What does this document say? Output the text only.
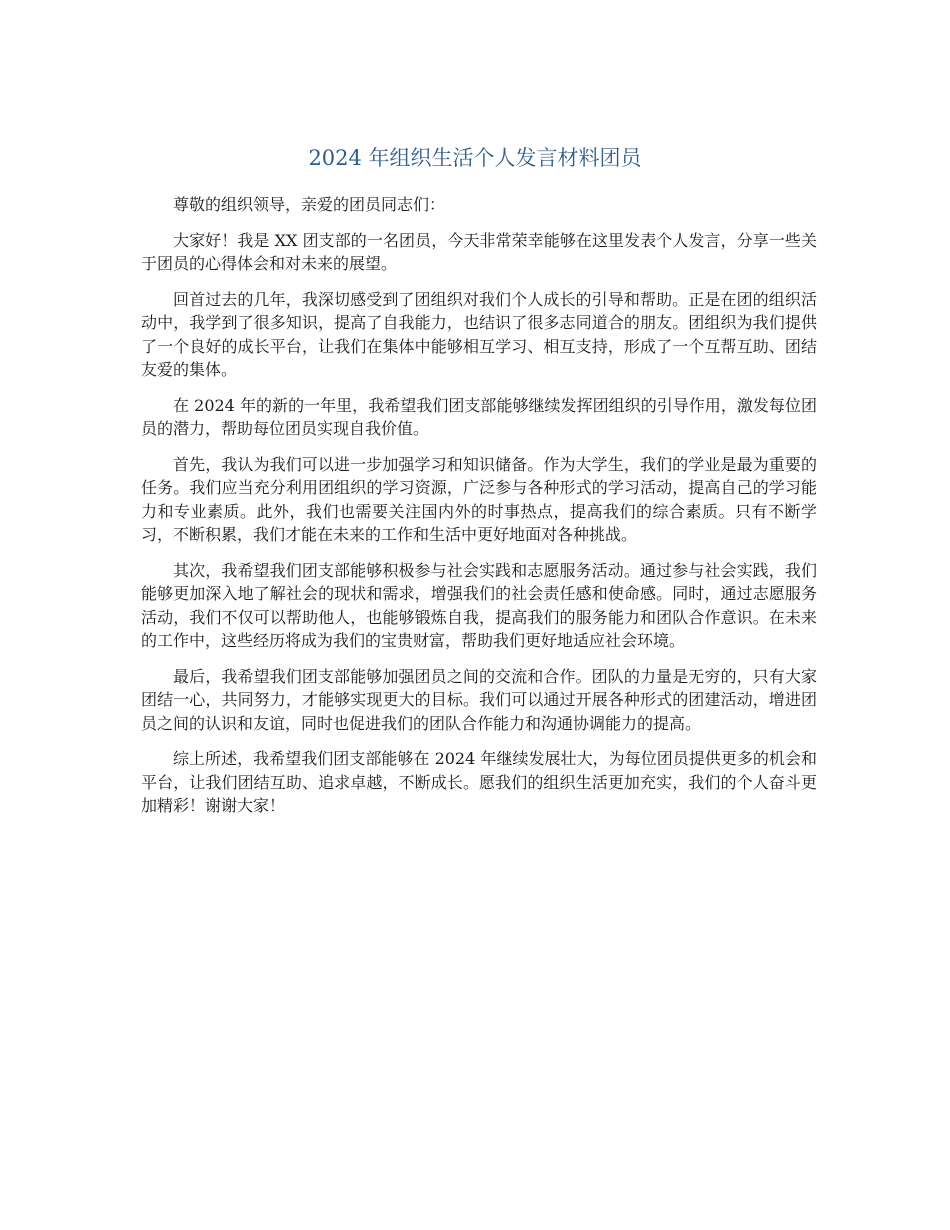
2024 年组织生活个人发言材料团员

尊敬的组织领导，亲爱的团员同志们：

大家好！我是 XX 团支部的一名团员，今天非常荣幸能够在这里发表个人发言，分享一些关于团员的心得体会和对未来的展望。

回首过去的几年，我深切感受到了团组织对我们个人成长的引导和帮助。正是在团的组织活动中，我学到了很多知识，提高了自我能力，也结识了很多志同道合的朋友。团组织为我们提供了一个良好的成长平台，让我们在集体中能够相互学习、相互支持，形成了一个互帮互助、团结友爱的集体。

在 2024 年的新的一年里，我希望我们团支部能够继续发挥团组织的引导作用，激发每位团员的潜力，帮助每位团员实现自我价值。

首先，我认为我们可以进一步加强学习和知识储备。作为大学生，我们的学业是最为重要的任务。我们应当充分利用团组织的学习资源，广泛参与各种形式的学习活动，提高自己的学习能力和专业素质。此外，我们也需要关注国内外的时事热点，提高我们的综合素质。只有不断学习，不断积累，我们才能在未来的工作和生活中更好地面对各种挑战。

其次，我希望我们团支部能够积极参与社会实践和志愿服务活动。通过参与社会实践，我们能够更加深入地了解社会的现状和需求，增强我们的社会责任感和使命感。同时，通过志愿服务活动，我们不仅可以帮助他人，也能够锻炼自我，提高我们的服务能力和团队合作意识。在未来的工作中，这些经历将成为我们的宝贵财富，帮助我们更好地适应社会环境。

最后，我希望我们团支部能够加强团员之间的交流和合作。团队的力量是无穷的，只有大家团结一心，共同努力，才能够实现更大的目标。我们可以通过开展各种形式的团建活动，增进团员之间的认识和友谊，同时也促进我们的团队合作能力和沟通协调能力的提高。

综上所述，我希望我们团支部能够在 2024 年继续发展壮大，为每位团员提供更多的机会和平台，让我们团结互助、追求卓越，不断成长。愿我们的组织生活更加充实，我们的个人奋斗更加精彩！谢谢大家！
